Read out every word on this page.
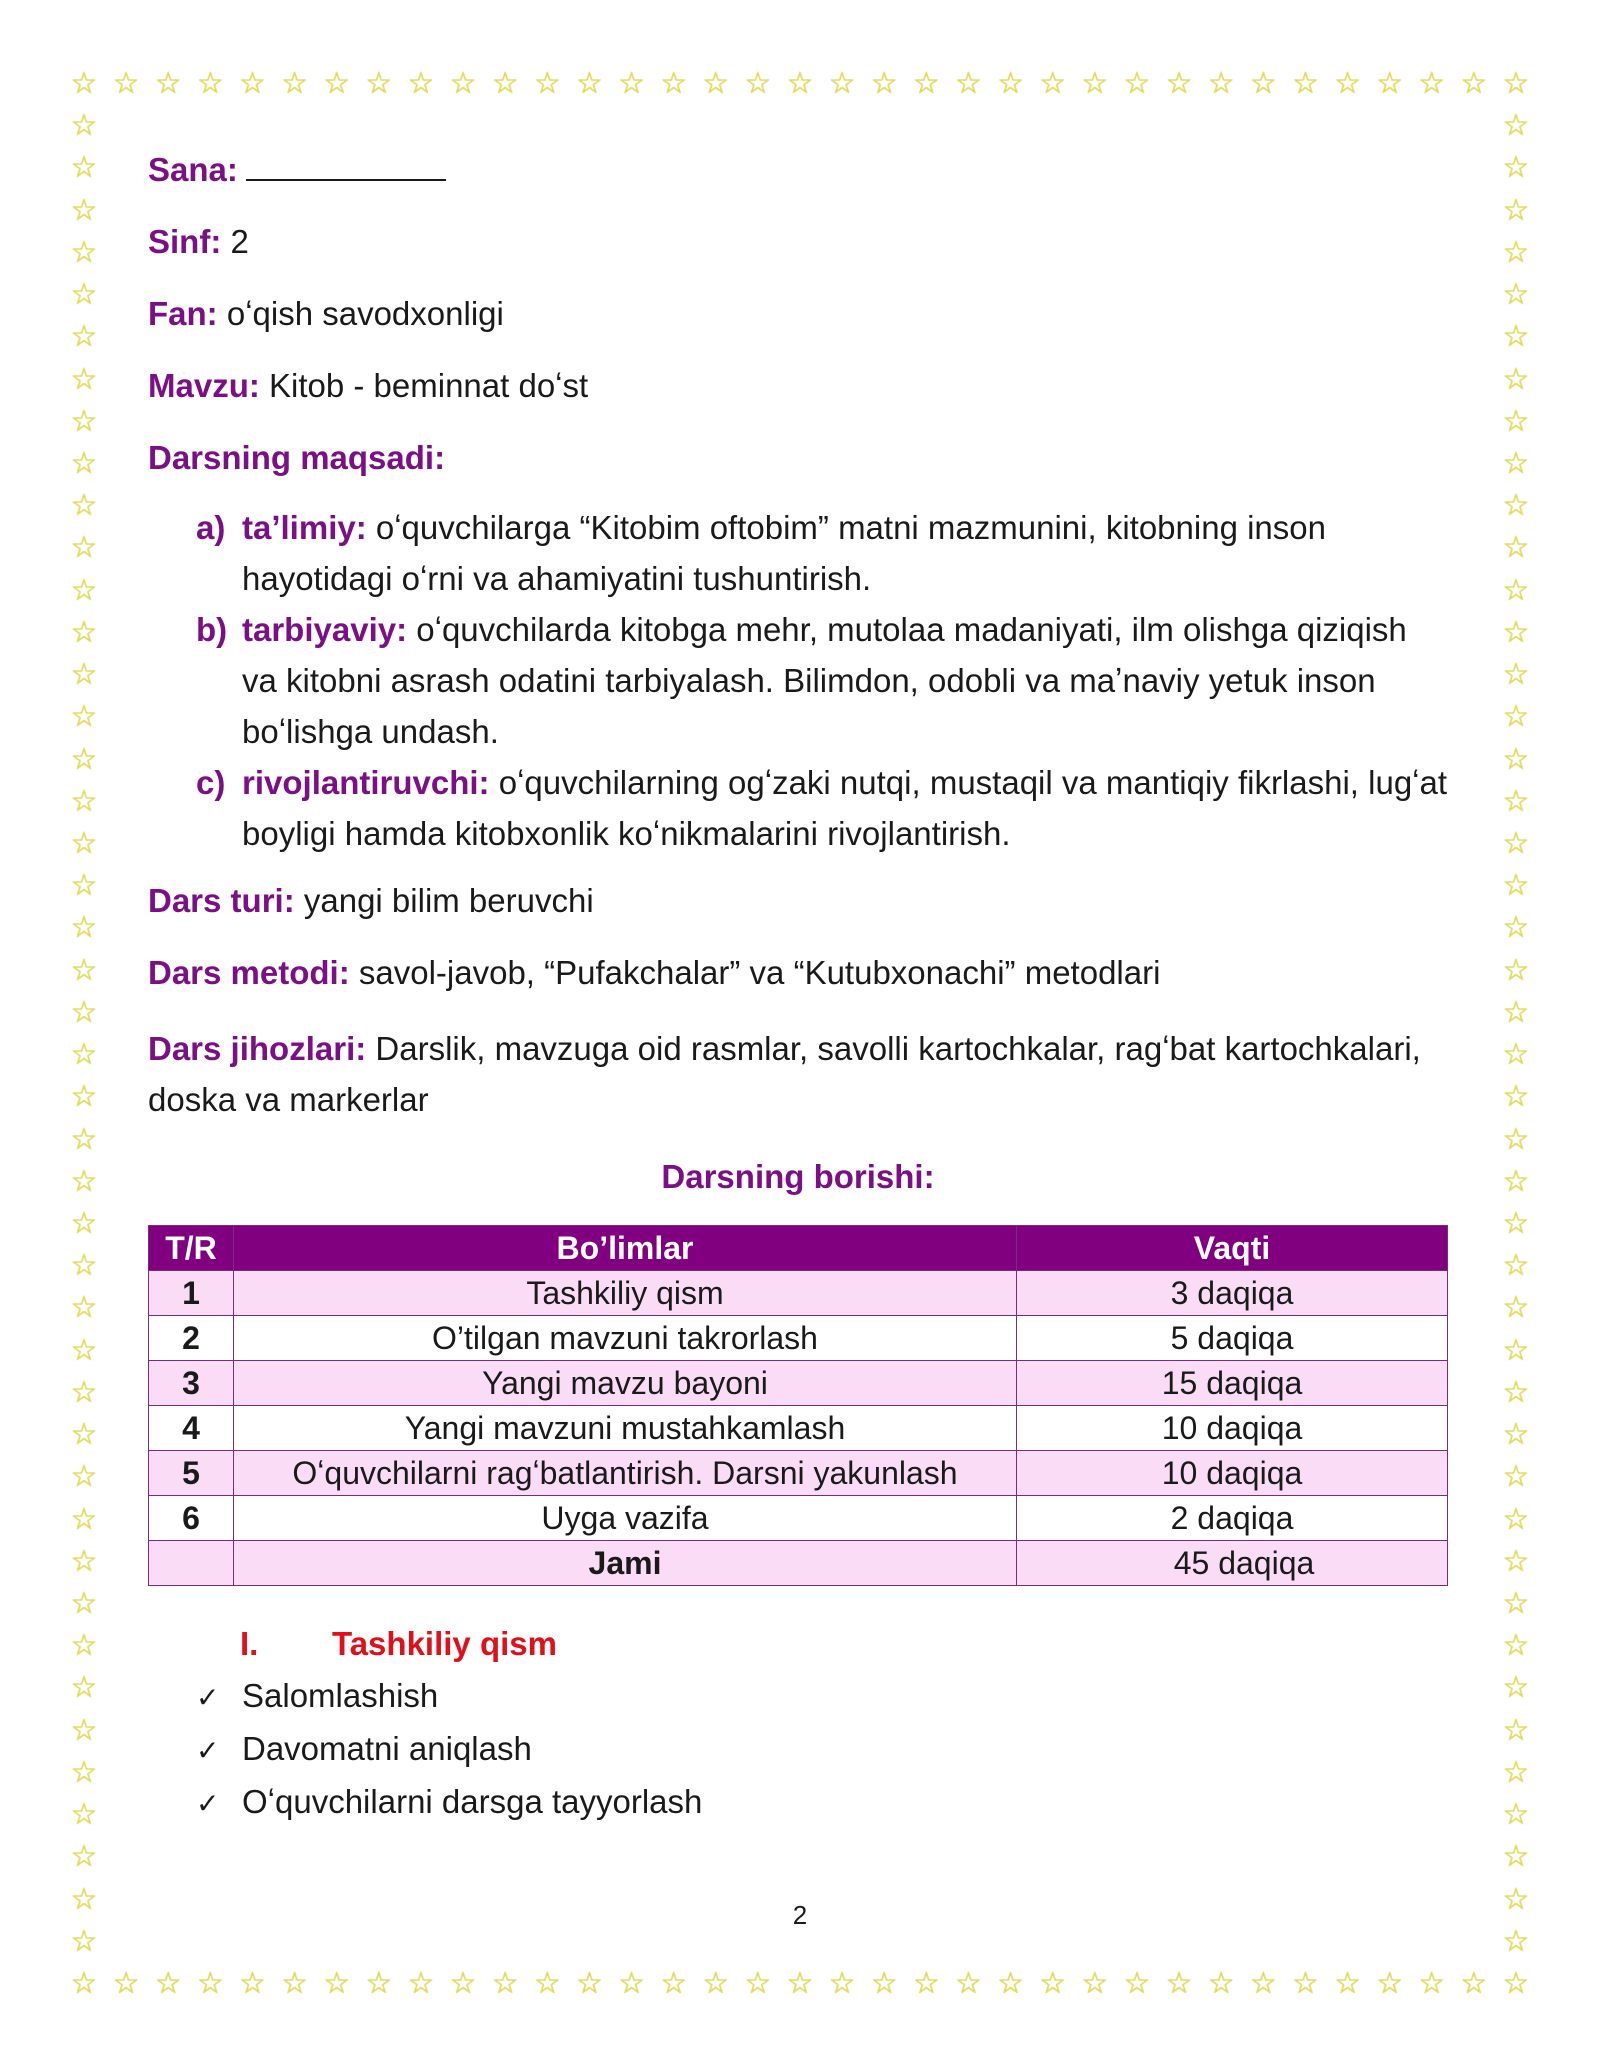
☆
☆
☆
☆
☆
☆
☆
☆
☆
☆
☆
☆
☆
☆
☆
☆
☆
☆
☆
☆
☆
☆
☆
☆
☆
☆
☆
☆
☆
☆
☆
☆
☆
☆
☆
☆
☆
☆
☆
☆
☆
☆
☆
☆
☆
☆
☆
☆
☆
☆
☆
☆
☆
☆
☆
☆
☆
☆
☆
☆
☆
☆
☆
☆
☆
☆
☆
☆
☆
☆
☆	☆
☆	☆
☆	☆
☆	☆
☆	☆
☆	☆
☆	☆
☆	☆
☆	☆
☆	☆
☆	☆
☆	☆
☆	☆
☆	☆
☆	☆
☆	☆
☆	☆
☆	☆
☆	☆
☆	☆
☆	☆
☆	☆
☆	☆
☆	☆
☆	☆
☆	☆
☆	☆
☆	☆
☆	☆
☆	☆
☆	☆
☆	☆
☆	☆
☆	☆
☆	☆
☆	☆
☆	☆
☆	☆
☆	☆
☆	☆
☆	☆
☆	☆
☆	☆
☆	☆

Sana:

Sinf: 2

Fan: oʻqish savodxonligi

Mavzu: Kitob - beminnat doʻst

Darsning maqsadi:

a) taʼlimiy: oʻquvchilarga “Kitobim oftobim” matni mazmunini, kitobning inson hayotidagi oʻrni va ahamiyatini tushuntirish.
b) tarbiyaviy: oʻquvchilarda kitobga mehr, mutolaa madaniyati, ilm olishga qiziqish va kitobni asrash odatini tarbiyalash. Bilimdon, odobli va maʼnaviy yetuk inson boʻlishga undash.
c) rivojlantiruvchi: oʻquvchilarning ogʻzaki nutqi, mustaqil va mantiqiy fikrlashi, lugʻat boyligi hamda kitobxonlik koʻnikmalarini rivojlantirish.

Dars turi: yangi bilim beruvchi

Dars metodi: savol-javob, “Pufakchalar” va “Kutubxonachi” metodlari

Dars jihozlari: Darslik, mavzuga oid rasmlar, savolli kartochkalar, ragʻbat kartochkalari, doska va markerlar

Darsning borishi:
T/R	Bo’limlar	Vaqti
1	Tashkiliy qism	3 daqiqa
2	O’tilgan mavzuni takrorlash	5 daqiqa
3	Yangi mavzu bayoni	15 daqiqa
4	Yangi mavzuni mustahkamlash	10 daqiqa
5	Oʻquvchilarni ragʻbatlantirish. Darsni yakunlash	10 daqiqa
6	Uyga vazifa	2 daqiqa
	Jami	45 daqiqa
I. Tashkiliy qism
✓ Salomlashish
✓ Davomatni aniqlash
✓ Oʻquvchilarni darsga tayyorlash
2
